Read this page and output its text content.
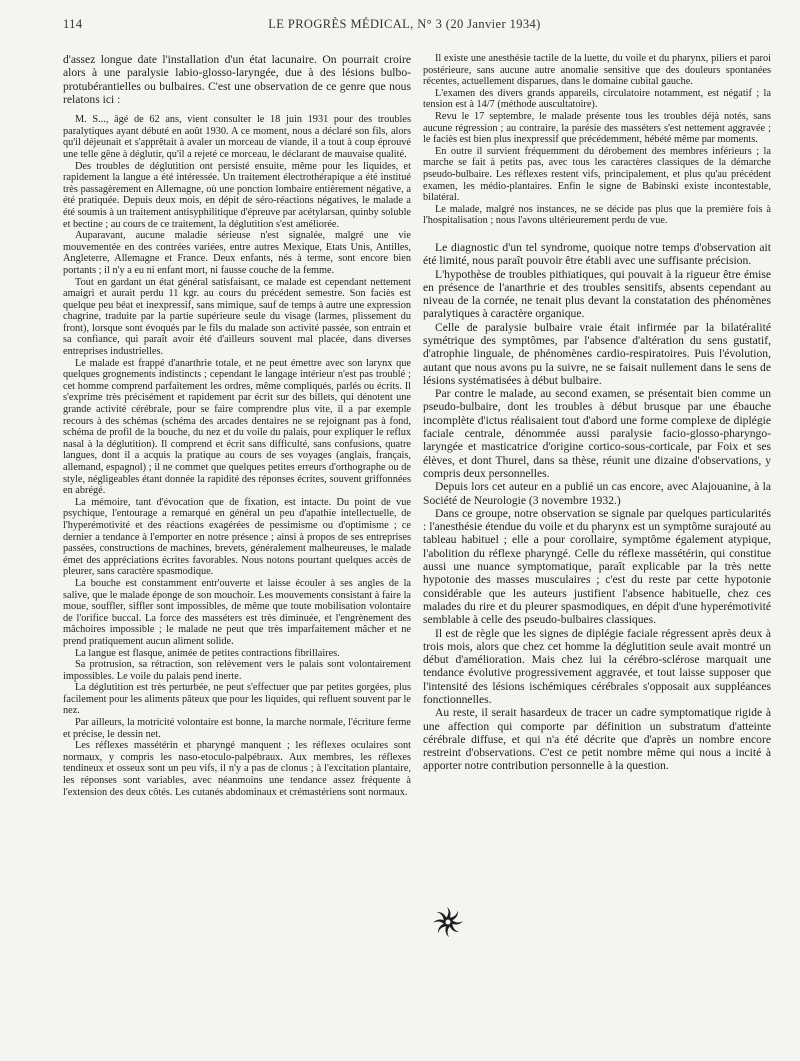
114	LE PROGRÈS MÉDICAL, N° 3 (20 Janvier 1934)

d'assez longue date l'installation d'un état lacunaire. On pourrait croire alors à une paralysie labio-glosso-laryngée, due à des lésions bulbo-protubérantielles ou bulbaires. C'est une observation de ce genre que nous relatons ici :

M. S..., âgé de 62 ans, vient consulter le 18 juin 1931 pour des troubles paralytiques ayant débuté en août 1930. A ce moment, nous a déclaré son fils, alors qu'il déjeunait et s'apprêtait à avaler un morceau de viande, il a tout à coup éprouvé une telle gêne à déglutir, qu'il a rejeté ce morceau, le déclarant de mauvaise qualité.

Des troubles de déglutition ont persisté ensuite, même pour les liquides, et rapidement la langue a été intéressée. Un traitement électrothérapique a été institué très passagèrement en Allemagne, où une ponction lombaire entièrement négative, a été pratiquée. Depuis deux mois, en dépit de séro-réactions négatives, le malade a été soumis à un traitement antisyphilitique d'épreuve par acétylarsan, quinby soluble et bectine ; au cours de ce traitement, la déglutition s'est améliorée.

Auparavant, aucune maladie sérieuse n'est signalée, malgré une vie mouvementée en des contrées variées, entre autres Mexique, Etats Unis, Antilles, Angleterre, Allemagne et France. Deux enfants, nés à terme, sont encore bien portants ; il n'y a eu ni enfant mort, ni fausse couche de la femme.

Tout en gardant un état général satisfaisant, ce malade est cependant nettement amaigri et aurait perdu 11 kgr. au cours du précédent semestre. Son faciès est quelque peu béat et inexpressif, sans mimique, sauf de temps à autre une expression chagrine, traduite par la partie supérieure seule du visage (larmes, plissement du front), lorsque sont évoqués par le fils du malade son activité passée, son entrain et sa confiance, qui paraît avoir été d'ailleurs souvent mal placée, dans diverses entreprises industrielles.

Le malade est frappé d'anarthrie totale, et ne peut émettre avec son larynx que quelques grognements indistincts ; cependant le langage intérieur n'est pas troublé ; cet homme comprend parfaitement les ordres, même compliqués, parlés ou écrits. Il s'exprime très précisément et rapidement par écrit sur des billets, qui dénotent une grande activité cérébrale, pour se faire comprendre plus vite, il a par exemple recours à des schémas (schéma des arcades dentaires ne se rejoignant pas à fond, schéma de profil de la bouche, du nez et du voile du palais, pour expliquer le reflux nasal à la déglutition). Il comprend et écrit sans difficulté, sans confusions, quatre langues, dont il a acquis la pratique au cours de ses voyages (anglais, français, allemand, espagnol) ; il ne commet que quelques petites erreurs d'orthographe ou de style, négligeables étant donnée la rapidité des réponses écrites, souvent griffonnées en abrégé.

La mémoire, tant d'évocation que de fixation, est intacte. Du point de vue psychique, l'entourage a remarqué en général un peu d'apathie intellectuelle, de l'hyperémotivité et des réactions exagérées de pessimisme ou d'optimisme ; ce dernier a tendance à l'emporter en notre présence ; ainsi à propos de ses entreprises passées, constructions de machines, brevets, généralement malheureuses, le malade émet des appréciations écrites favorables. Nous notons pourtant quelques accès de pleurer, sans caractère spasmodique.

La bouche est constamment entr'ouverte et laisse écouler à ses angles de la salive, que le malade éponge de son mouchoir. Les mouvements consistant à faire la moue, souffler, siffler sont impossibles, de même que toute mobilisation volontaire de l'orifice buccal. La force des masséters est très diminuée, et l'engrènement des mâchoires impossible ; le malade ne peut que très imparfaitement mâcher et ne prend pratiquement aucun aliment solide.

La langue est flasque, animée de petites contractions fibrillaires.

Sa protrusion, sa rétraction, son relèvement vers le palais sont volontairement impossibles. Le voile du palais pend inerte.

La déglutition est très perturbée, ne peut s'effectuer que par petites gorgées, plus facilement pour les aliments pâteux que pour les liquides, qui refluent souvent par le nez.

Par ailleurs, la motricité volontaire est bonne, la marche normale, l'écriture ferme et précise, le dessin net.

Les réflexes massétérin et pharyngé manquent ; les réflexes oculaires sont normaux, y compris les naso-etoculo-palpébraux. Aux membres, les réflexes tendineux et osseux sont un peu vifs, il n'y a pas de clonus ; à l'excitation plantaire, les réponses sont variables, avec néanmoins une tendance assez fréquente à l'extension des deux côtés. Les cutanés abdominaux et crémastériens sont normaux.

Il existe une anesthésie tactile de la luette, du voile et du pharynx, piliers et paroi postérieure, sans aucune autre anomalie sensitive que des douleurs spontanées récentes, actuellement disparues, dans le domaine cubital gauche.

L'examen des divers grands appareils, circulatoire notamment, est négatif ; la tension est à 14/7 (méthode auscultatoire).

Revu le 17 septembre, le malade présente tous les troubles déjà notés, sans aucune régression ; au contraire, la parésie des masséters s'est nettement aggravée ; le faciès est bien plus inexpressif que précédemment, hébété même par moments.

En outre il survient fréquemment du dérobement des membres inférieurs ; la marche se fait à petits pas, avec tous les caractères classiques de la démarche pseudo-bulbaire. Les réflexes restent vifs, principalement, et plus qu'au précédent examen, les médio-plantaires. Enfin le signe de Babinski existe incontestable, bilatéral.

Le malade, malgré nos instances, ne se décide pas plus que la première fois à l'hospitalisation ; nous l'avons ultérieurement perdu de vue.

Le diagnostic d'un tel syndrome, quoique notre temps d'observation ait été limité, nous paraît pouvoir être établi avec une suffisante précision.

L'hypothèse de troubles pithiatiques, qui pouvait à la rigueur être émise en présence de l'anarthrie et des troubles sensitifs, absents cependant au niveau de la cornée, ne tenait plus devant la constatation des phénomènes paralytiques à caractère organique.

Celle de paralysie bulbaire vraie était infirmée par la bilatéralité symétrique des symptômes, par l'absence d'altération du sens gustatif, d'atrophie linguale, de phénomènes cardio-respiratoires. Puis l'évolution, autant que nous avons pu la suivre, ne se faisait nullement dans le sens de lésions systématisées à début bulbaire.

Par contre le malade, au second examen, se présentait bien comme un pseudo-bulbaire, dont les troubles à début brusque par une ébauche incomplète d'ictus réalisaient tout d'abord une forme complexe de diplégie faciale centrale, dénommée aussi paralysie facio-glosso-pharyngo-laryngée et masticatrice d'origine cortico-sous-corticale, par Foix et ses élèves, et dont Thurel, dans sa thèse, réunit une dizaine d'observations, y compris deux personnelles.

Depuis lors cet auteur en a publié un cas encore, avec Alajouanine, à la Société de Neurologie (3 novembre 1932.)

Dans ce groupe, notre observation se signale par quelques particularités : l'anesthésie étendue du voile et du pharynx est un symptôme surajouté au tableau habituel ; elle a pour corollaire, symptôme également atypique, l'abolition du réflexe pharyngé. Celle du réflexe massétérin, qui constitue aussi une nuance symptomatique, paraît explicable par la très nette hypotonie des masses musculaires ; c'est du reste par cette hypotonie considérable que les auteurs justifient l'absence habituelle, chez ces malades du rire et du pleurer spasmodiques, en dépit d'une hyperémotivité semblable à celle des pseudo-bulbaires classiques.

Il est de règle que les signes de diplégie faciale régressent après deux à trois mois, alors que chez cet homme la déglutition seule avait montré un début d'amélioration. Mais chez lui la cérébro-sclérose marquait une tendance évolutive progressivement aggravée, et tout laisse supposer que l'intensité des lésions ischémiques cérébrales s'opposait aux suppléances fonctionnelles.

Au reste, il serait hasardeux de tracer un cadre symptomatique rigide à une affection qui comporte par définition un substratum d'atteinte cérébrale diffuse, et qui n'a été décrite que d'après un nombre encore restreint d'observations. C'est ce petit nombre même qui nous a incité à apporter notre contribution personnelle à la question.
